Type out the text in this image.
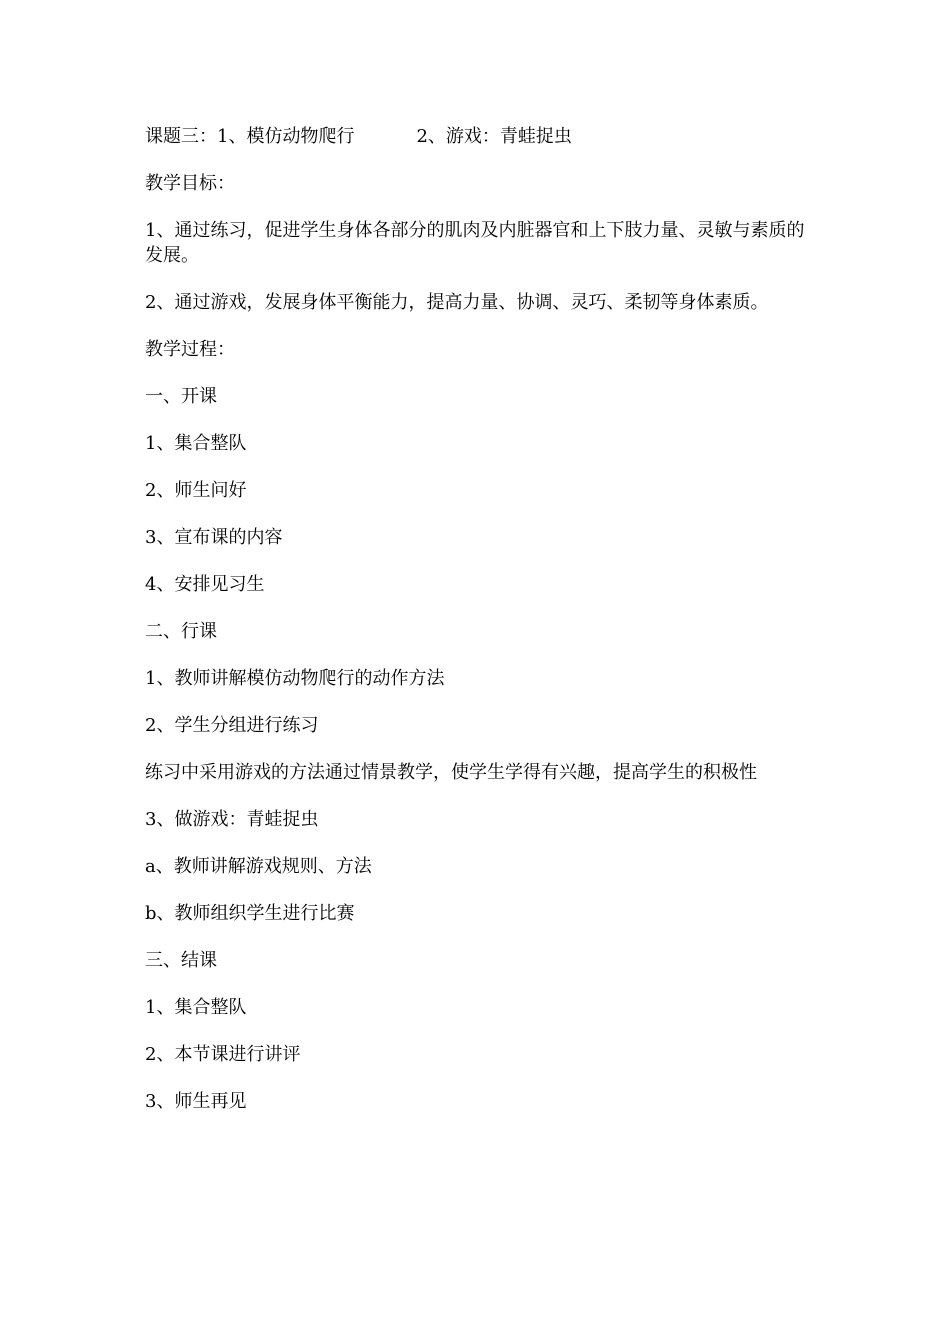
课题三：1、模仿动物爬行	2、游戏：青蛙捉虫

教学目标：

1、通过练习，促进学生身体各部分的肌肉及内脏器官和上下肢力量、灵敏与素质的发展。

2、通过游戏，发展身体平衡能力，提高力量、协调、灵巧、柔韧等身体素质。

教学过程：

一、开课

1、集合整队

2、师生问好

3、宣布课的内容

4、安排见习生

二、行课

1、教师讲解模仿动物爬行的动作方法

2、学生分组进行练习

练习中采用游戏的方法通过情景教学，使学生学得有兴趣，提高学生的积极性

3、做游戏：青蛙捉虫

a、教师讲解游戏规则、方法

b、教师组织学生进行比赛

三、结课

1、集合整队

2、本节课进行讲评

3、师生再见
